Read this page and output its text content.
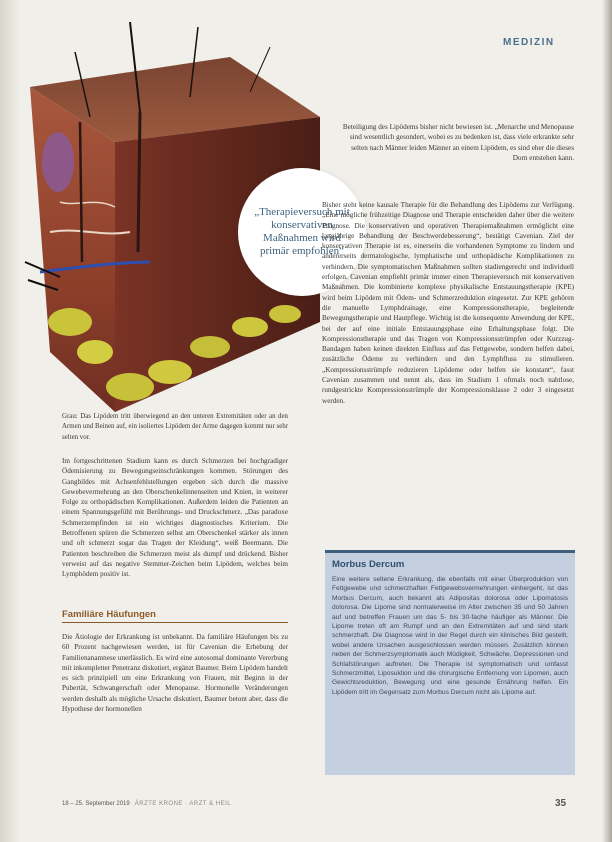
MEDIZIN
„Therapieversuch mit konservativen Maßnahmen wird primär empfohlen“

Grau: Das Lipödem tritt überwiegend an den unteren Extremitäten oder an den Armen und Beinen auf, ein isoliertes Lipödem der Arme dagegen kommt nur sehr selten vor.

Im fortgeschrittenen Stadium kann es durch Schmerzen bei hochgradiger Ödemisierung zu Bewegungseinschränkungen kommen. Störungen des Gangbildes mit Achsenfehlstellungen ergeben sich durch die massive Gewebevermehrung an den Oberschenkelinnenseiten und Knien, in weiterer Folge zu orthopädischen Komplikationen. Außerdem leiden die Patienten an einem Spannungsgefühl mit Berührungs- und Druckschmerz. „Das paradoxe Schmerzempfinden ist ein wichtiges diagnostisches Kriterium. Die Betroffenen spüren die Schmerzen selbst am Oberschenkel stärker als innen und oft schmerzt sogar das Tragen der Kleidung“, weiß Beermann. Die Patienten beschreiben die Schmerzen meist als dumpf und drückend. Bisher verweist auf das negative Stemmer-Zeichen beim Lipödem, welches beim Lymphödem positiv ist.

Familiäre Häufungen

Die Ätiologie der Erkrankung ist unbekannt. Da familiäre Häufungen bis zu 60 Prozent nachgewiesen werden, ist für Cavenian die Erhebung der Familienanamnese unerlässlich. Es wird eine autosomal dominante Vererbung mit inkompletter Penetranz diskutiert, ergänzt Baumer. Beim Lipödem handelt es sich prinzipiell um eine Erkrankung von Frauen, mit Beginn in der Pubertät, Schwangerschaft oder Menopause. Hormonelle Veränderungen werden deshalb als mögliche Ursache diskutiert, Baumer betont aber, dass die Hypothese der hormonellen

Beteiligung des Lipödems bisher nicht bewiesen ist. „Menarche und Menopause sind wesentlich gesondert, wobei es zu bedenken ist, dass viele erkrankte sehr selten nach Männer leiden Männer an einem Lipödem, es sind eher die dieses Dorn entstehen kann.

Bisher steht keine kausale Therapie für die Behandlung des Lipödems zur Verfügung. „Eine mögliche frühzeitige Diagnose und Therapie entscheiden daher über die weitere Prognose. Die konservativen und operativen Therapiemaßnahmen ermöglicht eine langjährige Behandlung der Beschwerdebesserung“, bestätigt Cavenian. Ziel der konservativen Therapie ist es, einerseits die vorhandenen Symptome zu lindern und andererseits dermatologische, lymphatische und orthopädische Komplikationen zu verhindern. Die symptomatischen Maßnahmen sollten stadiengerecht und individuell erfolgen. Cavenian empfiehlt primär immer einen Therapieversuch mit konservativen Maßnahmen. Die kombinierte komplexe physikalische Entstauungstherapie (KPE) wird beim Lipödem mit Ödem- und Schmerzreduktion eingesetzt. Zur KPE gehören die manuelle Lymphdrainage, eine Kompressionstherapie, begleitende Bewegungstherapie und Hautpflege. Wichtig ist die konsequente Anwendung der KPE, bei der auf eine initiale Entstauungsphase eine Erhaltungsphase folgt. Die Kompressionstherapie und das Tragen von Kompressionsstrümpfen oder Kurzzug-Bandagen haben keinen direkten Einfluss auf das Fettgewebe, sondern helfen dabei, zusätzliche Ödeme zu verhindern und den Lymphfluss zu stimulieren. „Kompressionsstrümpfe reduzieren Lipödeme oder helfen sie konstant“, fasst Cavenian zusammen und nennt als, dass im Stadium 1 oftmals noch nahtlose, rundgestrickte Kompressionsstrümpfe der Kompressionsklasse 2 oder 3 eingesetzt werden.

Morbus Dercum

Eine weitere seltene Erkrankung, die ebenfalls mit einer Überproduktion von Fettgewebe und schmerzhaften Fettgewebsvermehrungen einhergeht, ist das Morbus Dercum, auch bekannt als Adipositas dolorosa oder Lipomatosis dolorosa. Die Lipome sind normalerweise im Alter zwischen 35 und 50 Jahren auf und betreffen Frauen um das 5- bis 30-fache häufiger als Männer. Die Lipome treten oft am Rumpf und an den Extremitäten auf und sind stark schmerzhaft. Die Diagnose wird in der Regel durch ein klinisches Bild gestellt, wobei andere Ursachen ausgeschlossen werden müssen. Zusätzlich können neben der Schmerzsymptomatik auch Müdigkeit, Schwäche, Depressionen und Schlafstörungen auftreten. Die Therapie ist symptomatisch und umfasst Schmerzmittel, Liposuktion und die chirurgische Entfernung von Lipomen, auch Gewichtsreduktion, Bewegung und eine gesunde Ernährung helfen. Ein Lipödem tritt im Gegensatz zum Morbus Dercum nicht als Lipome auf.

18 – 25. September 2019 ÄRZTE KRONE · ARZT & HEIL	35
